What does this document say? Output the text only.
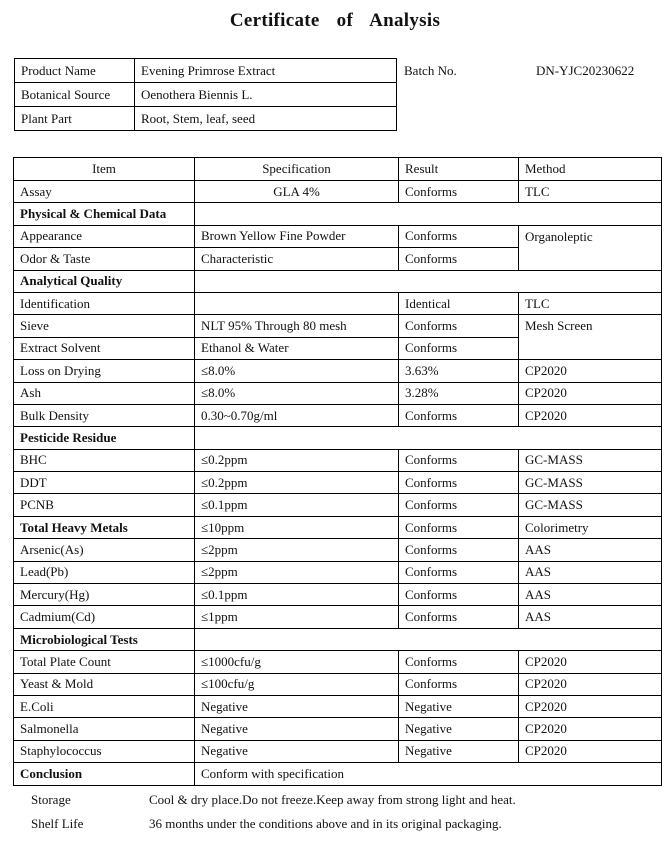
Certificate of Analysis
Product Name	Evening Primrose Extract
Botanical Source	Oenothera Biennis L.
Plant Part	Root, Stem, leaf, seed
Batch No.	DN-YJC20230622
Item	Specification	Result	Method
Assay	GLA 4%	Conforms	TLC
Physical & Chemical Data			
Appearance	Brown Yellow Fine Powder	Conforms	Organoleptic
Odor & Taste	Characteristic	Conforms	
Analytical Quality			
Identification		Identical	TLC
Sieve	NLT 95% Through 80 mesh	Conforms	Mesh Screen
Extract Solvent	Ethanol & Water	Conforms	
Loss on Drying	≤8.0%	3.63%	CP2020
Ash	≤8.0%	3.28%	CP2020
Bulk Density	0.30~0.70g/ml	Conforms	CP2020
Pesticide Residue			
BHC	≤0.2ppm	Conforms	GC-MASS
DDT	≤0.2ppm	Conforms	GC-MASS
PCNB	≤0.1ppm	Conforms	GC-MASS
Total Heavy Metals	≤10ppm	Conforms	Colorimetry
Arsenic(As)	≤2ppm	Conforms	AAS
Lead(Pb)	≤2ppm	Conforms	AAS
Mercury(Hg)	≤0.1ppm	Conforms	AAS
Cadmium(Cd)	≤1ppm	Conforms	AAS
Microbiological Tests			
Total Plate Count	≤1000cfu/g	Conforms	CP2020
Yeast & Mold	≤100cfu/g	Conforms	CP2020
E.Coli	Negative	Negative	CP2020
Salmonella	Negative	Negative	CP2020
Staphylococcus	Negative	Negative	CP2020
Conclusion	Conform with specification		
Storage	Cool & dry place.Do not freeze.Keep away from strong light and heat.
Shelf Life	36 months under the conditions above and in its original packaging.
